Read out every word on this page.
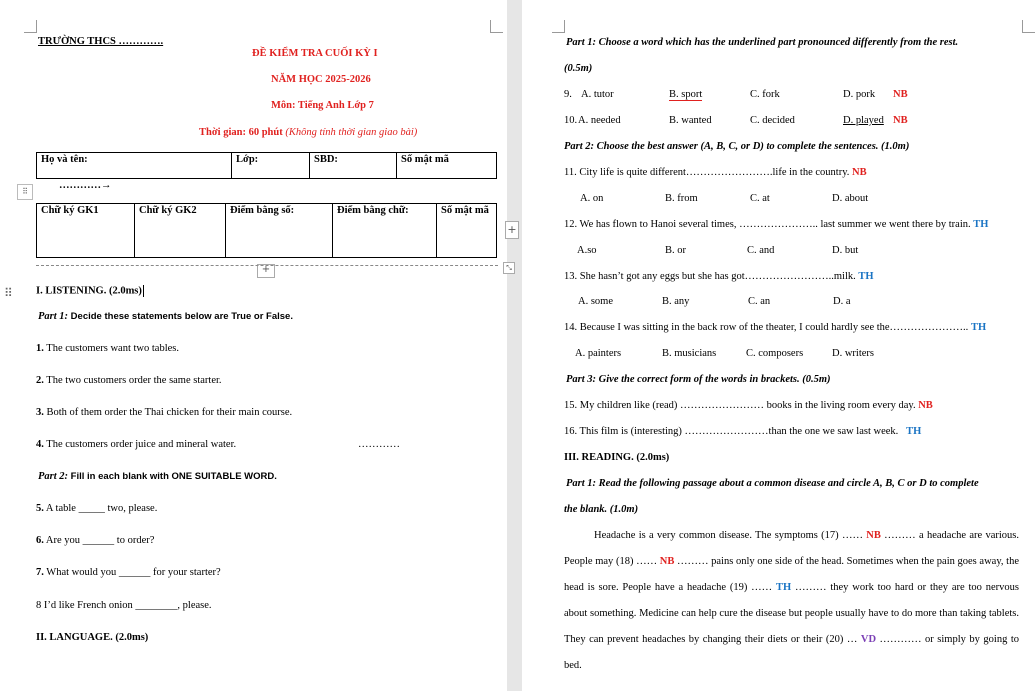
TRƯỜNG THCS ………….
ĐỀ KIỂM TRA CUỐI KỲ I
NĂM HỌC 2025-2026
Môn: Tiếng Anh Lớp 7
Thời gian: 60 phút (Không tính thời gian giao bài)
Họ và tên:	Lớp:	SBD:	Số mật mã
⠿
…………→
Chữ ký GK1	Chữ ký GK2	Điểm bằng số:	Điểm bằng chữ:	Số mật mã
+	⤡
⠿ I. LISTENING. (2.0ms)
Part 1: Decide these statements below are True or False.
1. The customers want two tables.
2. The two customers order the same starter.
3. Both of them order the Thai chicken for their main course.
4. The customers order juice and mineral water.	…………
Part 2: Fill in each blank with ONE SUITABLE WORD.
5. A table _____ two, please.
6. Are you ______ to order?
7. What would you ______ for your starter?
8 I’d like French onion ________, please.
II. LANGUAGE. (2.0ms)
+
Part 1: Choose a word which has the underlined part pronounced differently from the rest.
(0.5m)
9. A. tutor	B. sport	C. fork	D. pork NB
10. A. needed	B. wanted	C. decided	D. played NB
Part 2: Choose the best answer (A, B, C, or D) to complete the sentences. (1.0m)
11. City life is quite different…………………….life in the country. NB
A. on	B. from	C. at	D. about
12. We has flown to Hanoi several times, ………………….. last summer we went there by train. TH
A.so	B. or	C. and	D. but
13. She hasn’t got any eggs but she has got……………………..milk. TH
A. some	B. any	C. an	D. a
14. Because I was sitting in the back row of the theater, I could hardly see the………………….. TH
A. painters	B. musicians	C. composers	D. writers
Part 3: Give the correct form of the words in brackets. (0.5m)
15. My children like (read) …………………… books in the living room every day. NB
16. This film is (interesting) ……………………than the one we saw last week. TH
III. READING. (2.0ms)
Part 1: Read the following passage about a common disease and circle A, B, C or D to complete
the blank. (1.0m)
Headache is a very common disease. The symptoms (17) …… NB ……… a headache are various. People may (18) …… NB ……… pains only one side of the head. Sometimes when the pain goes away, the head is sore. People have a headache (19) …… TH ……… they work too hard or they are too nervous about something. Medicine can help cure the disease but people usually have to do more than taking tablets. They can prevent headaches by changing their diets or their (20) … VD ………… or simply by going to bed.
